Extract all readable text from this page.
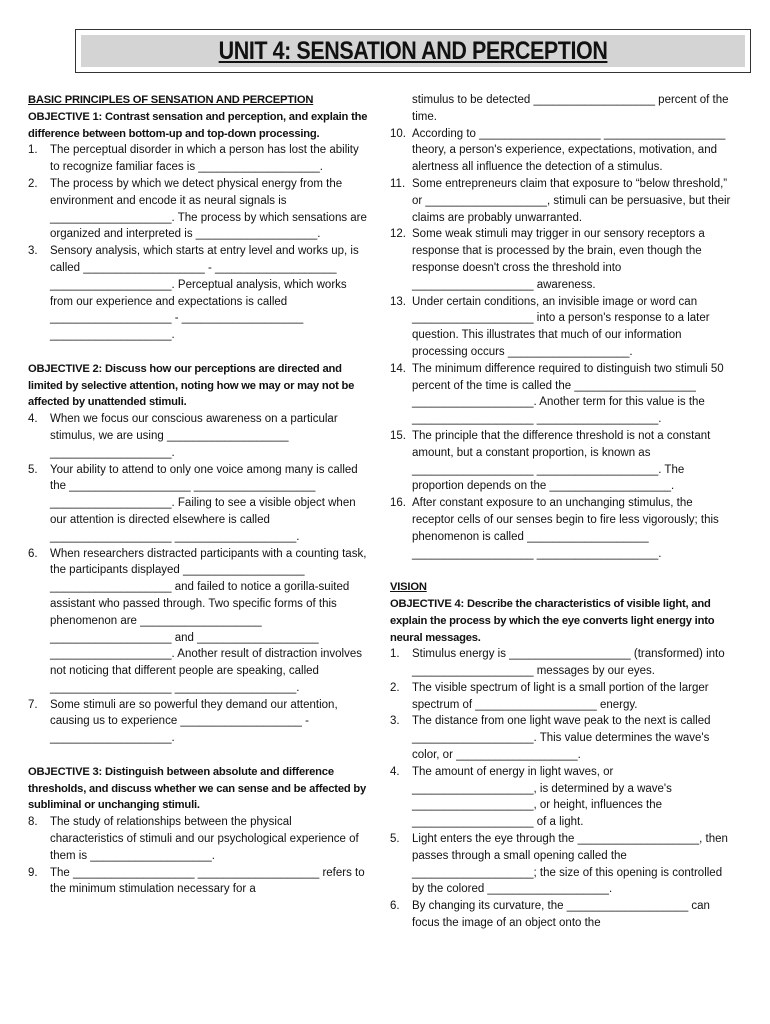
UNIT 4: SENSATION AND PERCEPTION

BASIC PRINCIPLES OF SENSATION AND PERCEPTION

OBJECTIVE 1: Contrast sensation and perception, and explain the difference between bottom-up and top-down processing.

1. The perceptual disorder in which a person has lost the ability to recognize familiar faces is ___________________.
2. The process by which we detect physical energy from the environment and encode it as neural signals is ___________________. The process by which sensations are organized and interpreted is ___________________.
3. Sensory analysis, which starts at entry level and works up, is called ___________________ - ___________________ ___________________. Perceptual analysis, which works from our experience and expectations is called ___________________ - ___________________ ___________________.

OBJECTIVE 2: Discuss how our perceptions are directed and limited by selective attention, noting how we may or may not be affected by unattended stimuli.

4. When we focus our conscious awareness on a particular stimulus, we are using ___________________ ___________________.
5. Your ability to attend to only one voice among many is called the ___________________ ___________________ ___________________. Failing to see a visible object when our attention is directed elsewhere is called ___________________ ___________________.
6. When researchers distracted participants with a counting task, the participants displayed ___________________ ___________________ and failed to notice a gorilla-suited assistant who passed through. Two specific forms of this phenomenon are ___________________ ___________________ and ___________________ ___________________. Another result of distraction involves not noticing that different people are speaking, called ___________________ ___________________.
7. Some stimuli are so powerful they demand our attention, causing us to experience ___________________ - ___________________.

OBJECTIVE 3: Distinguish between absolute and difference thresholds, and discuss whether we can sense and be affected by subliminal or unchanging stimuli.

8. The study of relationships between the physical characteristics of stimuli and our psychological experience of them is ___________________.
9. The ___________________ ___________________ refers to the minimum stimulation necessary for a
stimulus to be detected ___________________ percent of the time.
10. According to ___________________ ___________________ theory, a person's experience, expectations, motivation, and alertness all influence the detection of a stimulus.
11. Some entrepreneurs claim that exposure to “below threshold,” or ___________________, stimuli can be persuasive, but their claims are probably unwarranted.
12. Some weak stimuli may trigger in our sensory receptors a response that is processed by the brain, even though the response doesn't cross the threshold into ___________________ awareness.
13. Under certain conditions, an invisible image or word can ___________________ into a person's response to a later question. This illustrates that much of our information processing occurs ___________________.
14. The minimum difference required to distinguish two stimuli 50 percent of the time is called the ___________________ ___________________. Another term for this value is the ___________________ ___________________.
15. The principle that the difference threshold is not a constant amount, but a constant proportion, is known as ___________________ ___________________. The proportion depends on the ___________________.
16. After constant exposure to an unchanging stimulus, the receptor cells of our senses begin to fire less vigorously; this phenomenon is called ___________________ ___________________ ___________________.

VISION

OBJECTIVE 4: Describe the characteristics of visible light, and explain the process by which the eye converts light energy into neural messages.

1. Stimulus energy is ___________________ (transformed) into ___________________ messages by our eyes.
2. The visible spectrum of light is a small portion of the larger spectrum of ___________________ energy.
3. The distance from one light wave peak to the next is called ___________________. This value determines the wave's color, or ___________________.
4. The amount of energy in light waves, or ___________________, is determined by a wave's ___________________, or height, influences the ___________________ of a light.
5. Light enters the eye through the ___________________, then passes through a small opening called the ___________________; the size of this opening is controlled by the colored ___________________.
6. By changing its curvature, the ___________________ can focus the image of an object onto the
